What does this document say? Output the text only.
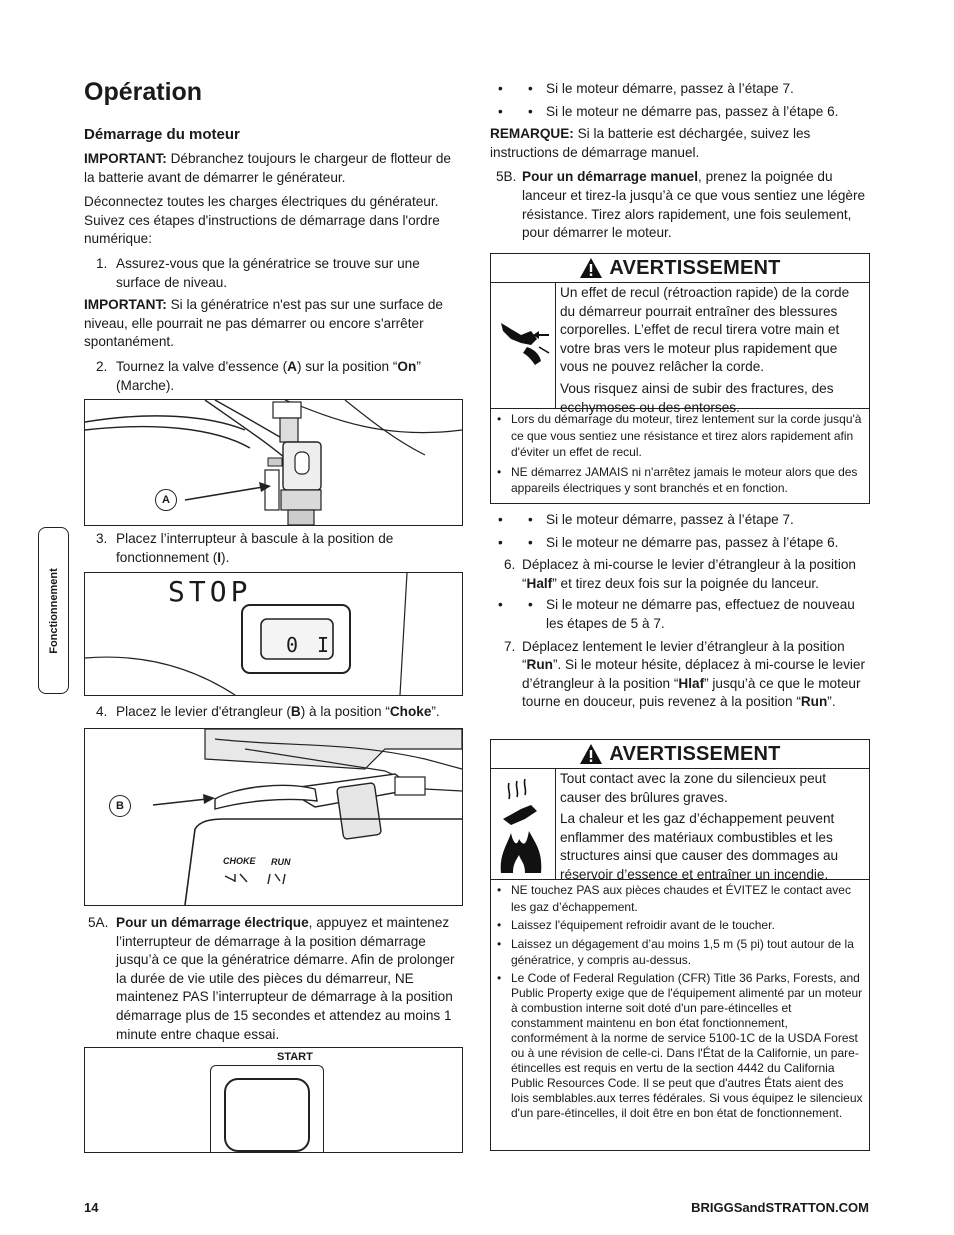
Opération
Démarrage du moteur

IMPORTANT: Débranchez toujours le chargeur de flotteur de la batterie avant de démarrer le générateur.

Déconnectez toutes les charges électriques du générateur. Suivez ces étapes d'instructions de démarrage dans l'ordre numérique:

1. Assurez-vous que la génératrice se trouve sur une surface de niveau.

IMPORTANT: Si la génératrice n'est pas sur une surface de niveau, elle pourrait ne pas démarrer ou encore s'arrêter spontanément.

2. Tournez la valve d'essence (A) sur la position “On” (Marche).
A
3. Placez l’interrupteur à bascule à la position de fonctionnement (I).
STOP
0 I
4. Placez le levier d'étrangleur (B) à la position “Choke”.
B
CHOKE RUN
5A. Pour un démarrage électrique, appuyez et maintenez l’interrupteur de démarrage à la position démarrage jusqu’à ce que la génératrice démarre. Afin de prolonger la durée de vie utile des pièces du démarreur, NE maintenez PAS l’interrupteur de démarrage à la position démarrage plus de 15 secondes et attendez au moins 1 minute entre chaque essai.
START
Fonctionnement
• • Si le moteur démarre, passez à l’étape 7.
• • Si le moteur ne démarre pas, passez à l’étape 6.

REMARQUE: Si la batterie est déchargée, suivez les instructions de démarrage manuel.

5B. Pour un démarrage manuel, prenez la poignée du lanceur et tirez-la jusqu’à ce que vous sentiez une légère résistance. Tirez alors rapidement, une fois seulement, pour démarrer le moteur.
AVERTISSEMENT

Un effet de recul (rétroaction rapide) de la corde du démarreur pourrait entraîner des blessures corporelles. L’effet de recul tirera votre main et votre bras vers le moteur plus rapidement que vous ne pouvez relâcher la corde.

Vous risquez ainsi de subir des fractures, des ecchymoses ou des entorses.

• Lors du démarrage du moteur, tirez lentement sur la corde jusqu'à ce que vous sentiez une résistance et tirez alors rapidement afin d'éviter un effet de recul.
• NE démarrez JAMAIS ni n'arrêtez jamais le moteur alors que des appareils électriques y sont branchés et en fonction.
• • Si le moteur démarre, passez à l’étape 7.
• • Si le moteur ne démarre pas, passez à l’étape 6.
6. Déplacez à mi-course le levier d’étrangleur à la position “Half” et tirez deux fois sur la poignée du lanceur.
• • Si le moteur ne démarre pas, effectuez de nouveau les étapes de 5 à 7.
7. Déplacez lentement le levier d’étrangleur à la position “Run”. Si le moteur hésite, déplacez à mi-course le levier d’étrangleur à la position “Hlaf” jusqu’à ce que le moteur tourne en douceur, puis revenez à la position “Run”.
AVERTISSEMENT

Tout contact avec la zone du silencieux peut causer des brûlures graves.

La chaleur et les gaz d’échappement peuvent enflammer des matériaux combustibles et les structures ainsi que causer des dommages au réservoir d’essence et entraîner un incendie.

• NE touchez PAS aux pièces chaudes et ÉVITEZ le contact avec les gaz d’échappement.
• Laissez l'équipement refroidir avant de le toucher.
• Laissez un dégagement d’au moins 1,5 m (5 pi) tout autour de la génératrice, y compris au-dessus.
• Le Code of Federal Regulation (CFR) Title 36 Parks, Forests, and Public Property exige que de l'équipement alimenté par un moteur à combustion interne soit doté d'un pare-étincelles et constamment maintenu en bon état fonctionnement, conformément à la norme de service 5100-1C de la USDA Forest ou à une révision de celle-ci. Dans l'État de la Californie, un pare-étincelles est requis en vertu de la section 4442 du California Public Resources Code. Il se peut que d'autres États aient des lois semblables.aux terres fédérales. Si vous équipez le silencieux d'un pare-étincelles, il doit être en bon état de fonctionnement.
14	BRIGGSandSTRATTON.COM
